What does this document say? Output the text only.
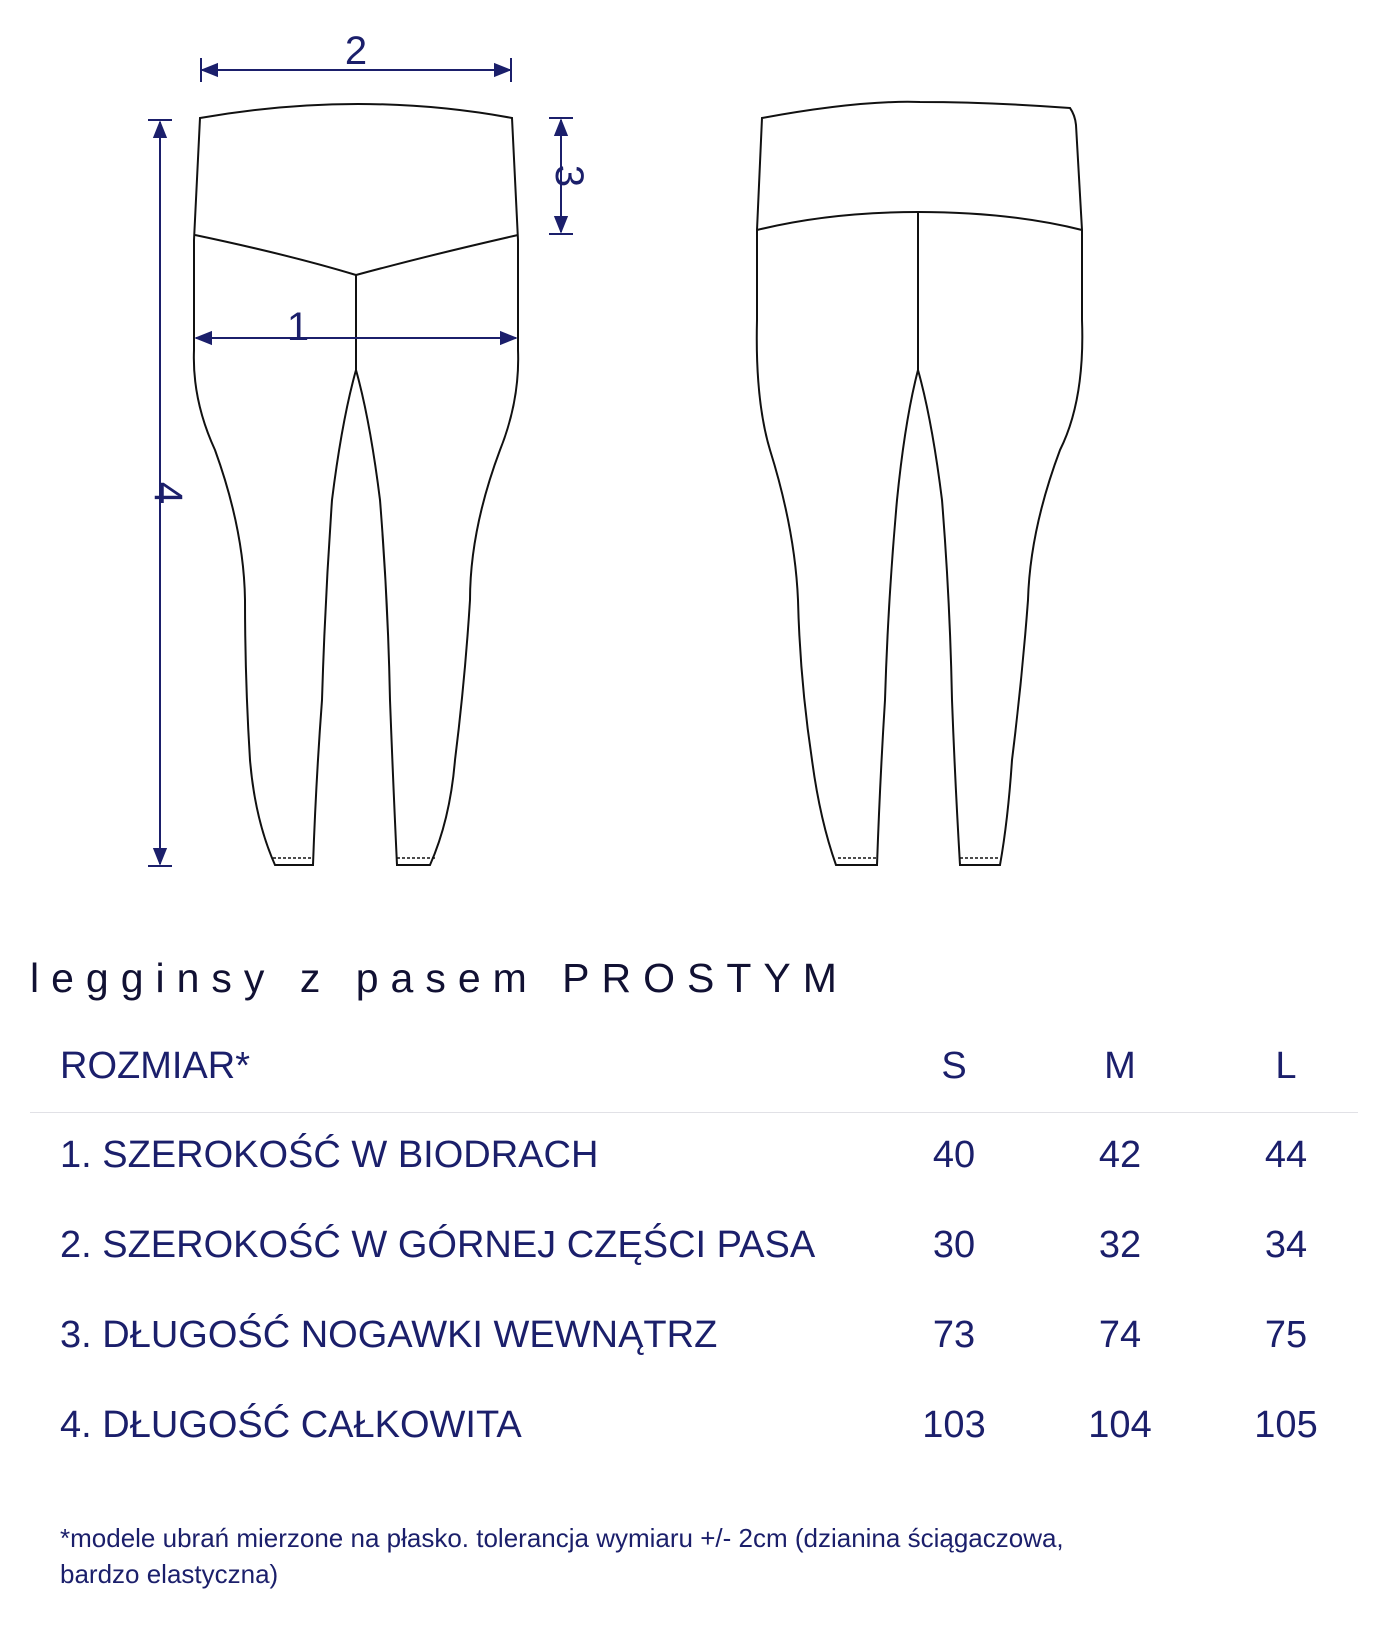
2
1
3
4
legginsy z pasem PROSTYM
ROZMIAR*	S	M	L
1. SZEROKOŚĆ W BIODRACH	40	42	44
2. SZEROKOŚĆ W GÓRNEJ CZĘŚCI PASA	30	32	34
3. DŁUGOŚĆ NOGAWKI WEWNĄTRZ	73	74	75
4. DŁUGOŚĆ CAŁKOWITA	103	104	105
*modele ubrań mierzone na płasko. tolerancja wymiaru +/- 2cm (dzianina ściągaczowa, bardzo elastyczna)
